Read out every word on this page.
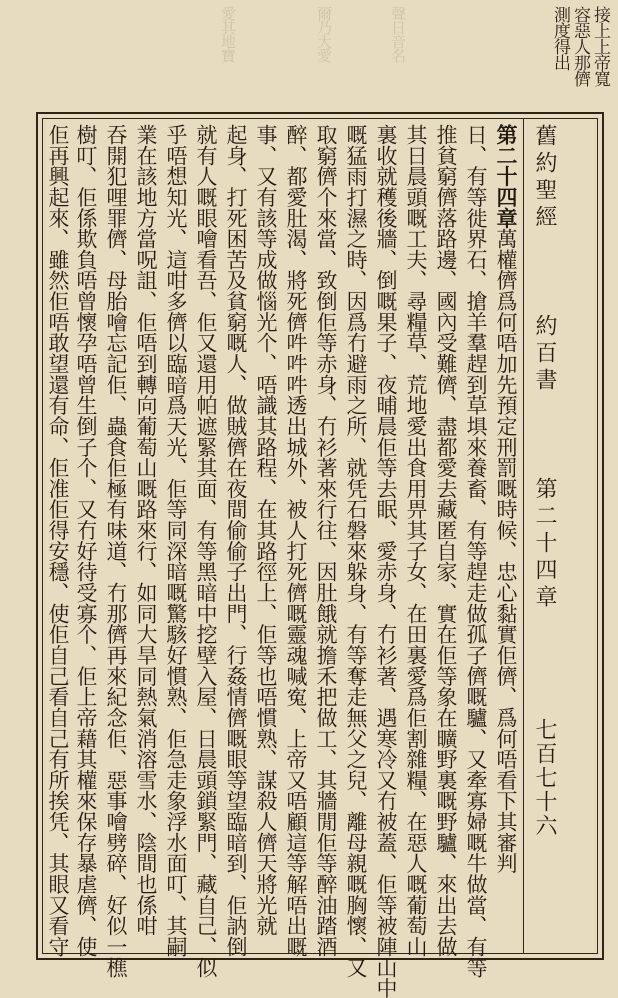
接上上帝寬
容惡人那儕
測度得出
聲日音名
爾乃大愛
愛其地寶
舊約聖經  約百書  第二十四章
七百七十六
第二十四章萬權儕爲何唔加先預定刑罰嘅時候、忠心黏實佢儕、爲何唔看下其審判
日、有等徙界石、搶羊羣趕到草埧來養畜、有等趕走做孤子儕嘅驢、又牽寡婦嘅牛做當、有等
推貧窮儕落路邊、國內受難儕、盡都愛去藏匿自家、實在佢等象在曠野裏嘅野驢、來出去做
其日晨頭嘅工夫、尋糧草、荒地愛出食用畀其子女、在田裏愛爲佢割雜糧、在惡人嘅葡萄山
裏收就穫後牆、倒嘅果子、夜晡晨佢等去眠、愛赤身、冇衫著、遇寒冷又冇被蓋、佢等被陣山中
嘅猛雨打濕之時、因爲冇避雨之所、就凭石磐來躲身、有等奪走無父之兒、離母親嘅胸懷、又
取窮儕个來當、致倒佢等赤身、冇衫著來行往、因肚餓就擔禾把做工、其牆閒佢等醉油踏酒
醉、都愛肚渴、將死儕吽吽吽透出城外、被人打死儕嘅靈魂喊寃、上帝又唔顧這等解唔出嘅
事、又有該等成做惱光个、唔識其路程、在其路徑上、佢等也唔慣熟、謀殺人儕天將光就
起身、打死困苦及貧窮嘅人、做賊儕在夜間偷偷子出門、行姦情儕嘅眼等望臨暗到、佢訥倒
就有人嘅眼噲看吾、佢又還用帕遮緊其面、有等黑暗中挖壁入屋、日晨頭鎖緊門、藏自己、似
乎唔想知光、這咁多儕以臨暗爲天光、佢等同深暗嘅驚駭好慣熟、佢急走象浮水面叮、其嗣
業在該地方當呪詛、佢唔到轉向葡萄山嘅路來行、如同大旱同熱氣消溶雪水、陰間也係咁
吞開犯哩罪儕、母胎噲忘記佢、蟲食佢極有味道、冇那儕再來紀念佢、惡事噲劈碎、好似一樵
樹叮、佢係欺負唔曾懷孕唔曾生倒子个、又冇好待受寡个、佢上帝藉其權來保存暴虐儕、使
佢再興起來、雖然佢唔敢望還有命、佢准佢得安穩、使佢自己看自己有所挨凭、其眼又看守
